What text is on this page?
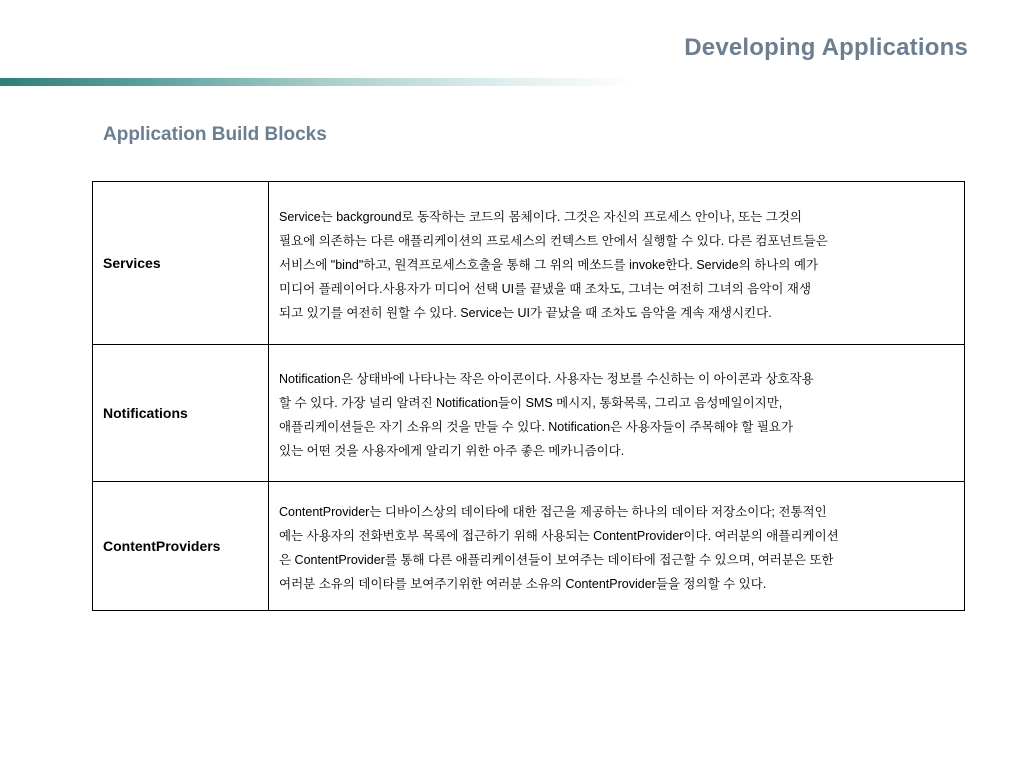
Developing Applications
Application Build Blocks
Services	Service는 background로 동작하는 코드의 몸체이다. 그것은 자신의 프로세스 안이나, 또는 그것의
필요에 의존하는 다른 애플리케이션의 프로세스의 컨텍스트 안에서 실행할 수 있다. 다른 컴포넌트들은
서비스에 "bind"하고, 원격프로세스호출을 통해 그 위의 메쏘드를 invoke한다. Servide의 하나의 예가
미디어 플레이어다.사용자가 미디어 선택 UI를 끝냈을 때 조차도, 그녀는 여전히 그녀의 음악이 재생
되고 있기를 여전히 원할 수 있다. Service는 UI가 끝났을 때 조차도 음악을 계속 재생시킨다.

Notifications	Notification은 상태바에 나타나는 작은 아이콘이다. 사용자는 정보를 수신하는 이 아이콘과 상호작용
할 수 있다. 가장 널리 알려진 Notification들이 SMS 메시지, 통화목록, 그리고 음성메일이지만,
애플리케이션들은 자기 소유의 것을 만들 수 있다. Notification은 사용자들이 주목해야 할 필요가
있는 어떤 것을 사용자에게 알리기 위한 아주 좋은 메카니즘이다.

ContentProviders	ContentProvider는 디바이스상의 데이타에 대한 접근을 제공하는 하나의 데이타 저장소이다; 전통적인
예는 사용자의 전화번호부 목록에 접근하기 위해 사용되는 ContentProvider이다. 여러분의 애플리케이션
은 ContentProvider를 통해 다른 애플리케이션들이 보여주는 데이타에 접근할 수 있으며, 여러분은 또한
여러분 소유의 데이타를 보여주기위한 여러분 소유의 ContentProvider들을 정의할 수 있다.
